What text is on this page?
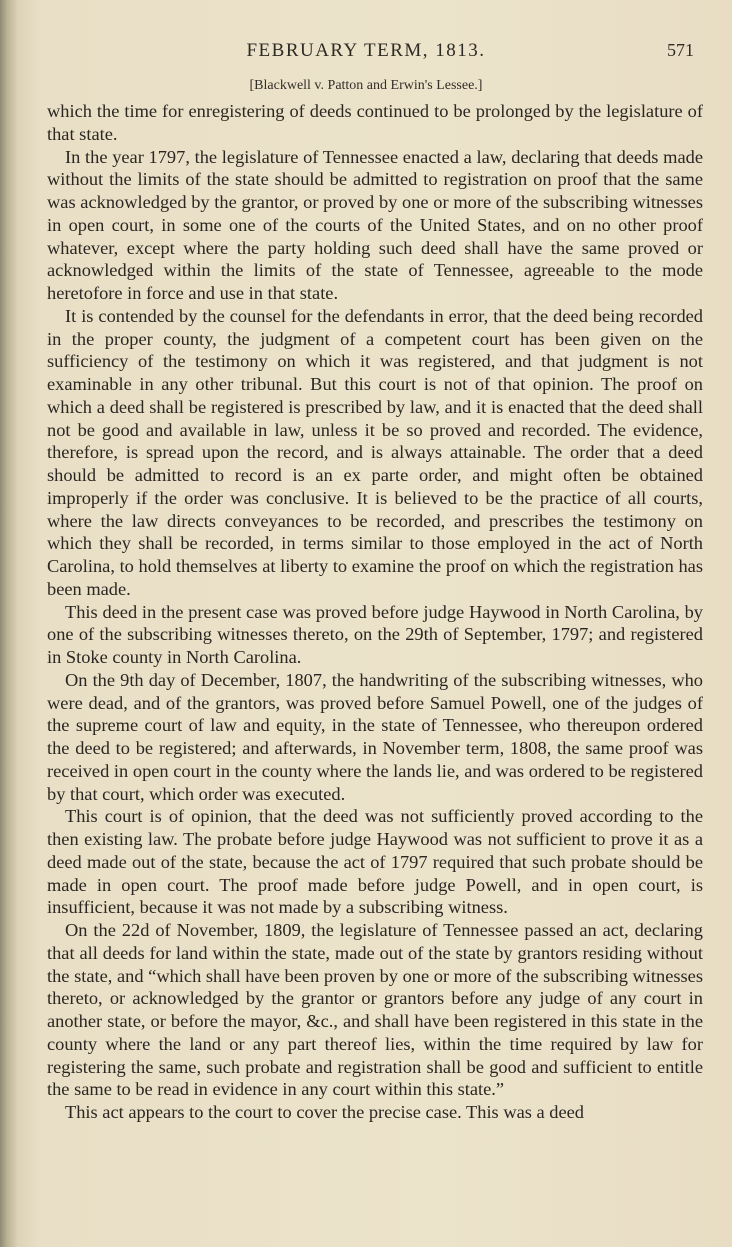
FEBRUARY TERM, 1813.	571
[Blackwell v. Patton and Erwin's Lessee.]

which the time for enregistering of deeds continued to be prolonged by the legislature of that state.

In the year 1797, the legislature of Tennessee enacted a law, declaring that deeds made without the limits of the state should be admitted to registration on proof that the same was acknowledged by the grantor, or proved by one or more of the subscribing witnesses in open court, in some one of the courts of the United States, and on no other proof whatever, except where the party holding such deed shall have the same proved or acknowledged within the limits of the state of Tennessee, agreeable to the mode heretofore in force and use in that state.

It is contended by the counsel for the defendants in error, that the deed being recorded in the proper county, the judgment of a competent court has been given on the sufficiency of the testimony on which it was registered, and that judgment is not examinable in any other tribunal. But this court is not of that opinion. The proof on which a deed shall be registered is prescribed by law, and it is enacted that the deed shall not be good and available in law, unless it be so proved and recorded. The evidence, therefore, is spread upon the record, and is always attainable. The order that a deed should be admitted to record is an ex parte order, and might often be obtained improperly if the order was conclusive. It is believed to be the practice of all courts, where the law directs conveyances to be recorded, and prescribes the testimony on which they shall be recorded, in terms similar to those employed in the act of North Carolina, to hold themselves at liberty to examine the proof on which the registration has been made.

This deed in the present case was proved before judge Haywood in North Carolina, by one of the subscribing witnesses thereto, on the 29th of September, 1797; and registered in Stoke county in North Carolina.

On the 9th day of December, 1807, the handwriting of the subscribing witnesses, who were dead, and of the grantors, was proved before Samuel Powell, one of the judges of the supreme court of law and equity, in the state of Tennessee, who thereupon ordered the deed to be registered; and afterwards, in November term, 1808, the same proof was received in open court in the county where the lands lie, and was ordered to be registered by that court, which order was executed.

This court is of opinion, that the deed was not sufficiently proved according to the then existing law. The probate before judge Haywood was not sufficient to prove it as a deed made out of the state, because the act of 1797 required that such probate should be made in open court. The proof made before judge Powell, and in open court, is insufficient, because it was not made by a subscribing witness.

On the 22d of November, 1809, the legislature of Tennessee passed an act, declaring that all deeds for land within the state, made out of the state by grantors residing without the state, and “which shall have been proven by one or more of the subscribing witnesses thereto, or acknowledged by the grantor or grantors before any judge of any court in another state, or before the mayor, &c., and shall have been registered in this state in the county where the land or any part thereof lies, within the time required by law for registering the same, such probate and registration shall be good and sufficient to entitle the same to be read in evidence in any court within this state.”

This act appears to the court to cover the precise case. This was a deed
